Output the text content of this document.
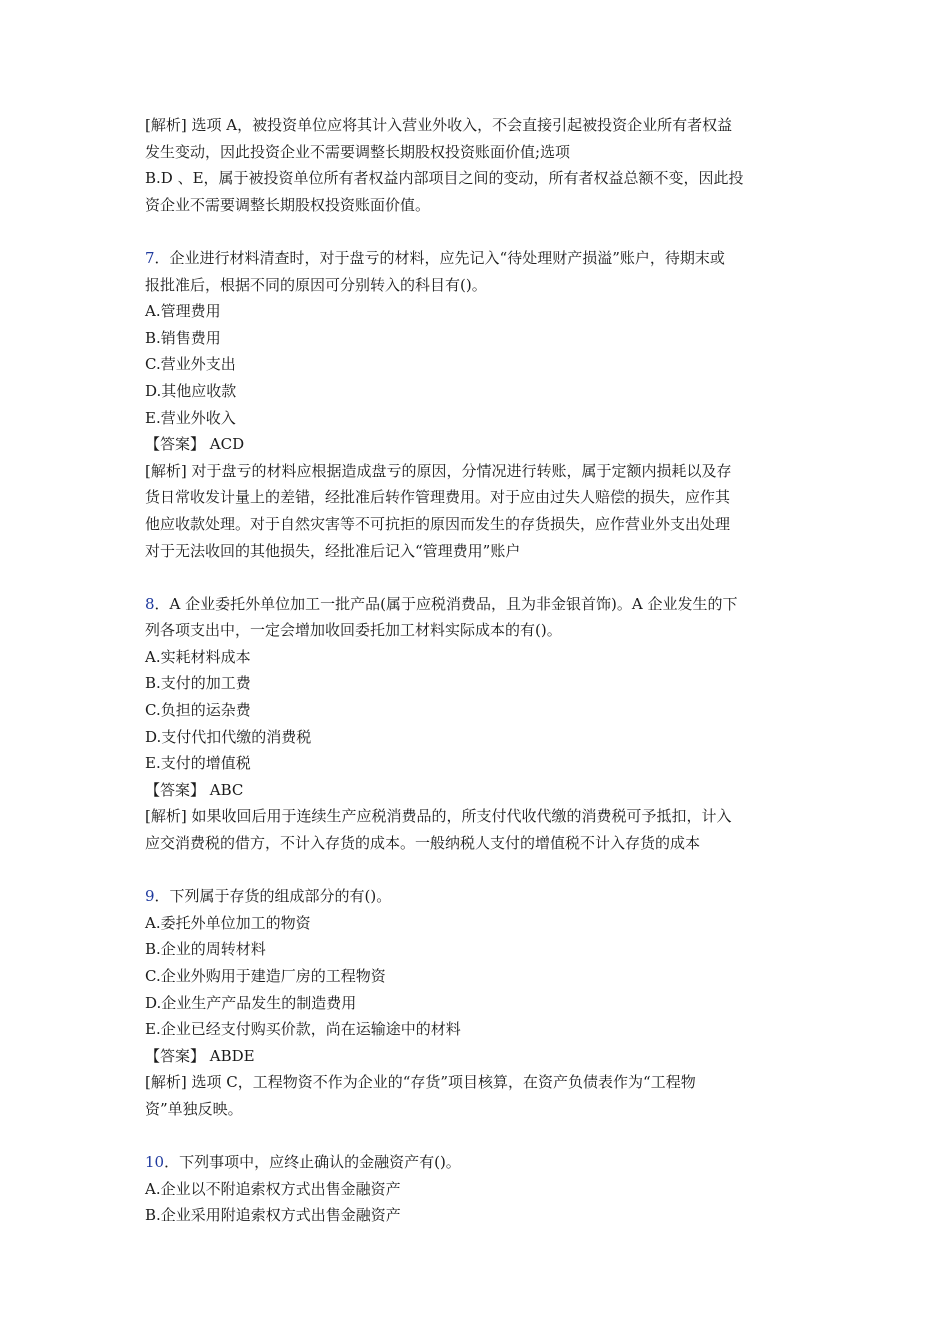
[解析] 选项 A，被投资单位应将其计入营业外收入，不会直接引起被投资企业所有者权益
发生变动，因此投资企业不需要调整长期股权投资账面价值;选项
B.D 、E，属于被投资单位所有者权益内部项目之间的变动，所有者权益总额不变，因此投
资企业不需要调整长期股权投资账面价值。
7．企业进行材料清查时，对于盘亏的材料，应先记入“待处理财产损溢”账户，待期末或
报批准后，根据不同的原因可分别转入的科目有()。
A.管理费用
B.销售费用
C.营业外支出
D.其他应收款
E.营业外收入
【答案】 ACD
[解析] 对于盘亏的材料应根据造成盘亏的原因，分情况进行转账，属于定额内损耗以及存
货日常收发计量上的差错，经批准后转作管理费用。对于应由过失人赔偿的损失，应作其
他应收款处理。对于自然灾害等不可抗拒的原因而发生的存货损失，应作营业外支出处理
对于无法收回的其他损失，经批准后记入“管理费用”账户
8．A 企业委托外单位加工一批产品(属于应税消费品，且为非金银首饰)。A 企业发生的下
列各项支出中，一定会增加收回委托加工材料实际成本的有()。
A.实耗材料成本
B.支付的加工费
C.负担的运杂费
D.支付代扣代缴的消费税
E.支付的增值税
【答案】 ABC
[解析] 如果收回后用于连续生产应税消费品的，所支付代收代缴的消费税可予抵扣，计入
应交消费税的借方，不计入存货的成本。一般纳税人支付的增值税不计入存货的成本
9．下列属于存货的组成部分的有()。
A.委托外单位加工的物资
B.企业的周转材料
C.企业外购用于建造厂房的工程物资
D.企业生产产品发生的制造费用
E.企业已经支付购买价款，尚在运输途中的材料
【答案】 ABDE
[解析] 选项 C，工程物资不作为企业的“存货”项目核算，在资产负债表作为“工程物
资”单独反映。
10．下列事项中，应终止确认的金融资产有()。
A.企业以不附追索权方式出售金融资产
B.企业采用附追索权方式出售金融资产
